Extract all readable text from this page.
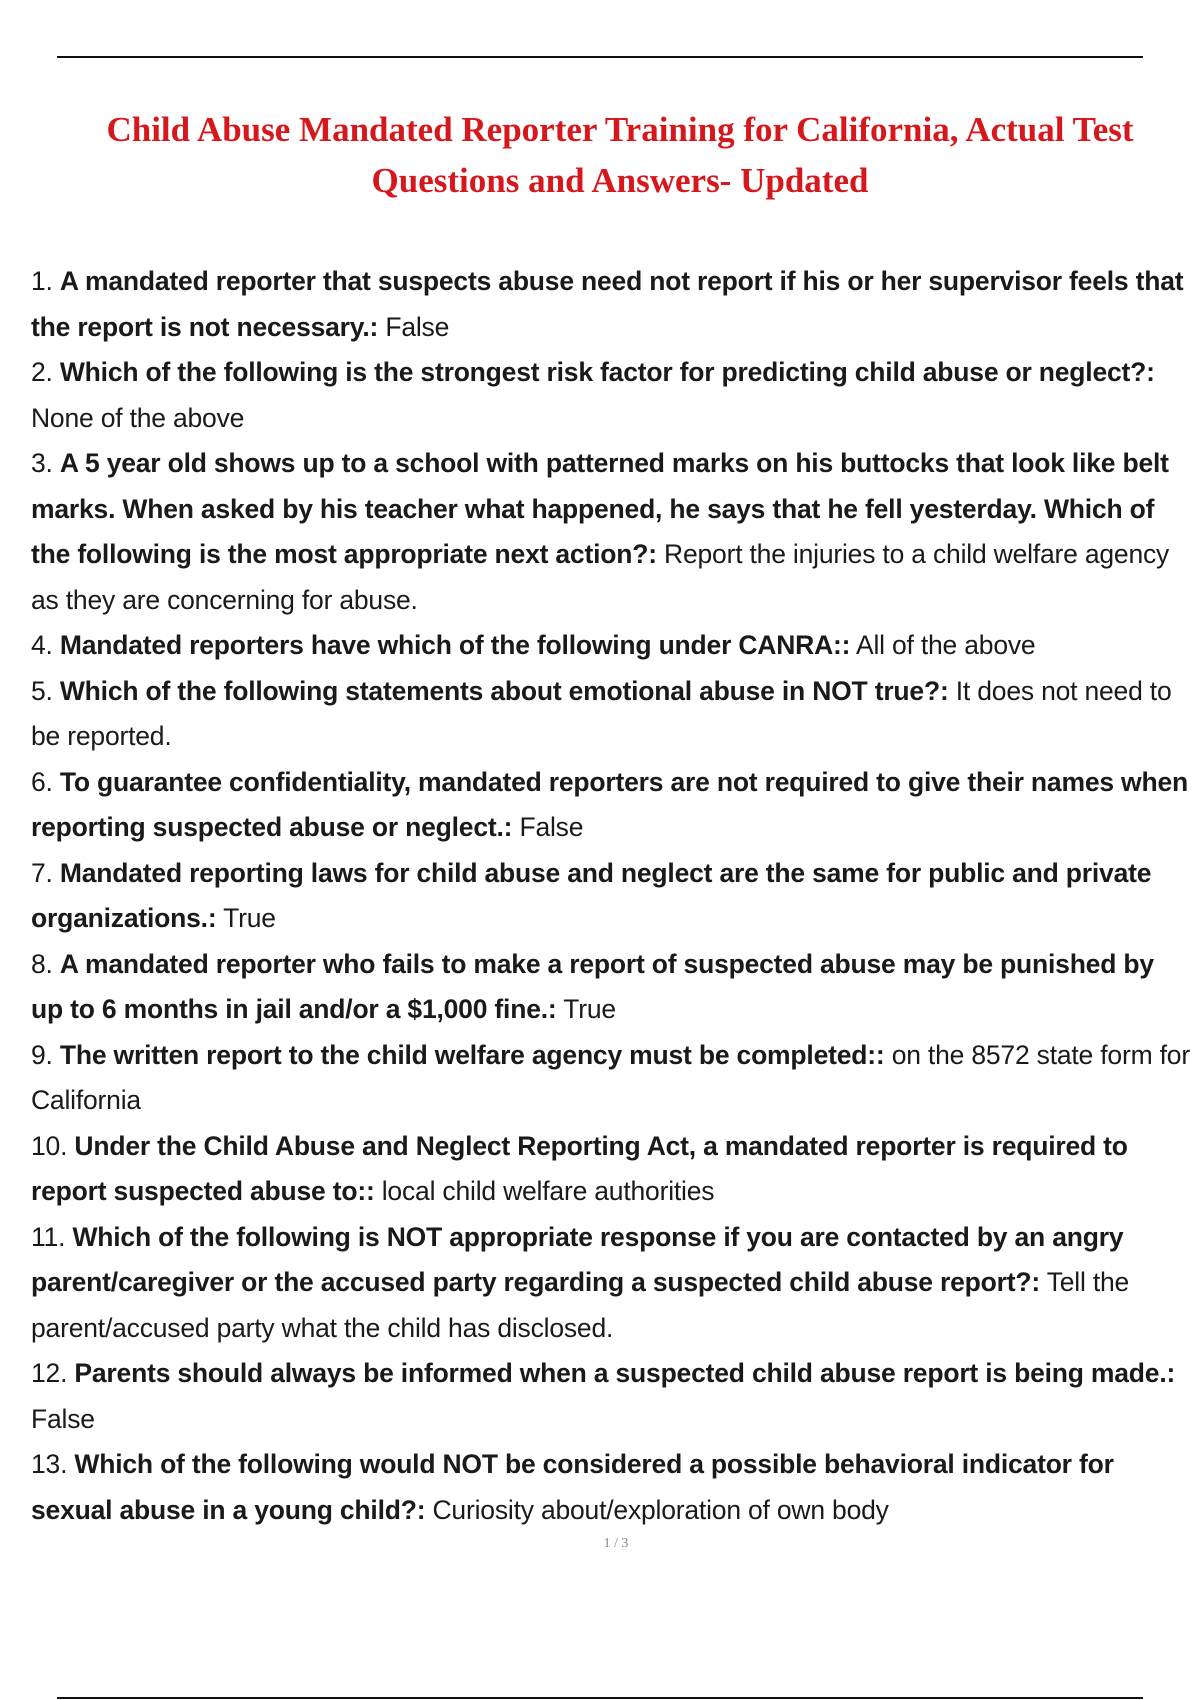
Child Abuse Mandated Reporter Training for California, Actual Test
Questions and Answers- Updated
1. A mandated reporter that suspects abuse need not report if his or her supervisor feels that the report is not necessary.: False
2. Which of the following is the strongest risk factor for predicting child abuse or neglect?: None of the above
3. A 5 year old shows up to a school with patterned marks on his buttocks that look like belt marks. When asked by his teacher what happened, he says that he fell yesterday. Which of the following is the most appropriate next action?: Report the injuries to a child welfare agency as they are concerning for abuse.
4. Mandated reporters have which of the following under CANRA:: All of the above
5. Which of the following statements about emotional abuse in NOT true?: It does not need to be reported.
6. To guarantee confidentiality, mandated reporters are not required to give their names when reporting suspected abuse or neglect.: False
7. Mandated reporting laws for child abuse and neglect are the same for public and private organizations.: True
8. A mandated reporter who fails to make a report of suspected abuse may be punished by up to 6 months in jail and/or a $1,000 fine.: True
9. The written report to the child welfare agency must be completed:: on the 8572 state form for California
10. Under the Child Abuse and Neglect Reporting Act, a mandated reporter is required to report suspected abuse to:: local child welfare authorities
11. Which of the following is NOT appropriate response if you are contacted by an angry parent/caregiver or the accused party regarding a suspected child abuse report?: Tell the parent/accused party what the child has disclosed.
12. Parents should always be informed when a suspected child abuse report is being made.: False
13. Which of the following would NOT be considered a possible behavioral indicator for sexual abuse in a young child?: Curiosity about/exploration of own body
1 / 3
